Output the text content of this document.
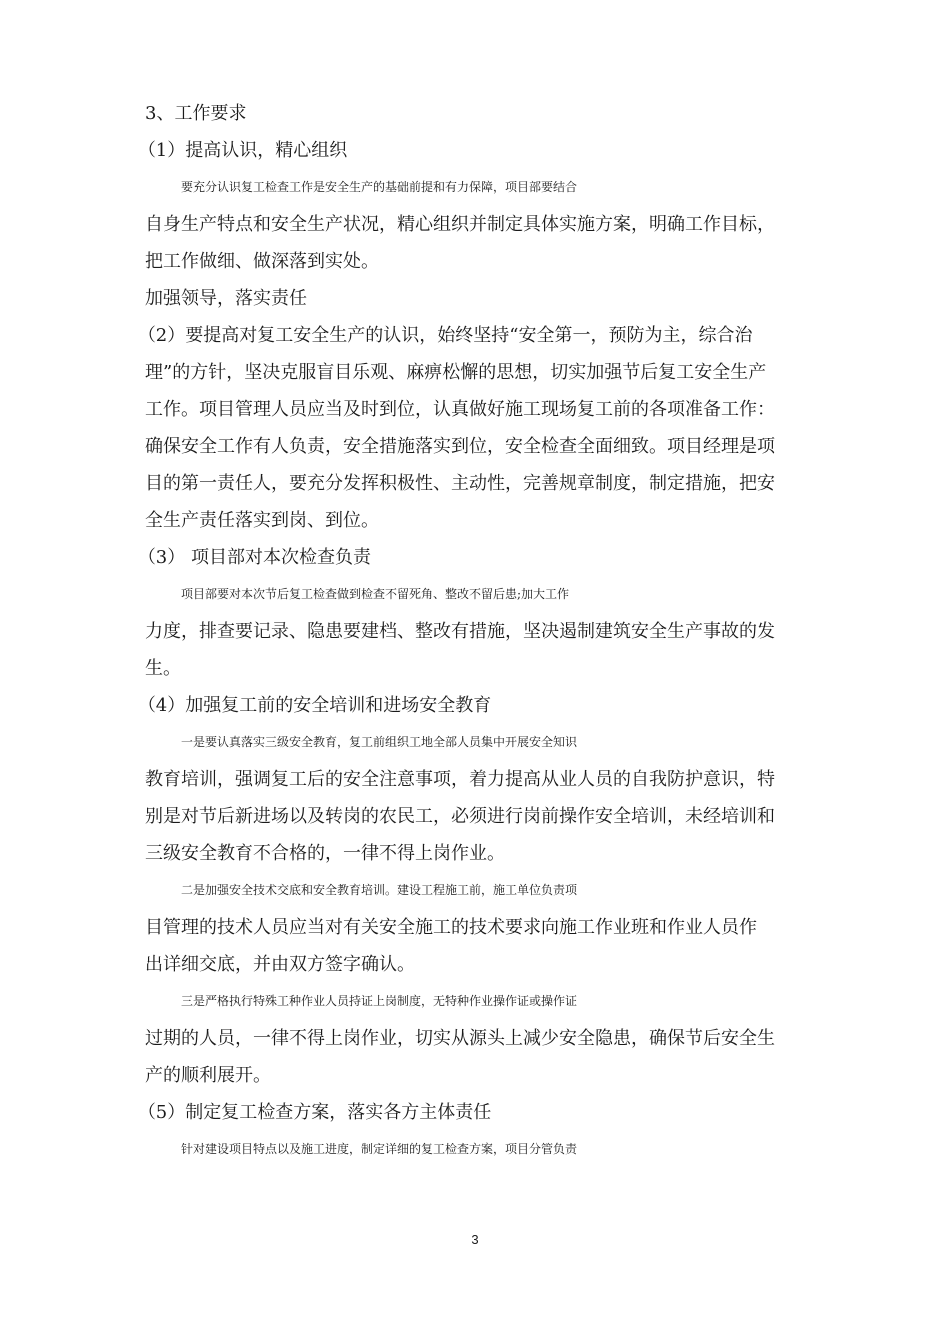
3、工作要求

（1）提高认识，精心组织

要充分认识复工检查工作是安全生产的基础前提和有力保障，项目部要结合

自身生产特点和安全生产状况，精心组织并制定具体实施方案，明确工作目标，

把工作做细、做深落到实处。

加强领导，落实责任

（2）要提高对复工安全生产的认识，始终坚持“安全第一，预防为主，综合治

理”的方针，坚决克服盲目乐观、麻痹松懈的思想，切实加强节后复工安全生产

工作。项目管理人员应当及时到位，认真做好施工现场复工前的各项准备工作：

确保安全工作有人负责，安全措施落实到位，安全检查全面细致。项目经理是项

目的第一责任人，要充分发挥积极性、主动性，完善规章制度，制定措施，把安

全生产责任落实到岗、到位。

（3） 项目部对本次检查负责

项目部要对本次节后复工检查做到检查不留死角、整改不留后患;加大工作

力度，排查要记录、隐患要建档、整改有措施，坚决遏制建筑安全生产事故的发

生。

（4）加强复工前的安全培训和进场安全教育

一是要认真落实三级安全教育，复工前组织工地全部人员集中开展安全知识

教育培训，强调复工后的安全注意事项，着力提高从业人员的自我防护意识，特

别是对节后新进场以及转岗的农民工，必须进行岗前操作安全培训，未经培训和

三级安全教育不合格的，一律不得上岗作业。

二是加强安全技术交底和安全教育培训。建设工程施工前，施工单位负责项

目管理的技术人员应当对有关安全施工的技术要求向施工作业班和作业人员作

出详细交底，并由双方签字确认。

三是严格执行特殊工种作业人员持证上岗制度，无特种作业操作证或操作证

过期的人员，一律不得上岗作业，切实从源头上减少安全隐患，确保节后安全生

产的顺利展开。

（5）制定复工检查方案，落实各方主体责任

针对建设项目特点以及施工进度，制定详细的复工检查方案，项目分管负责

3
